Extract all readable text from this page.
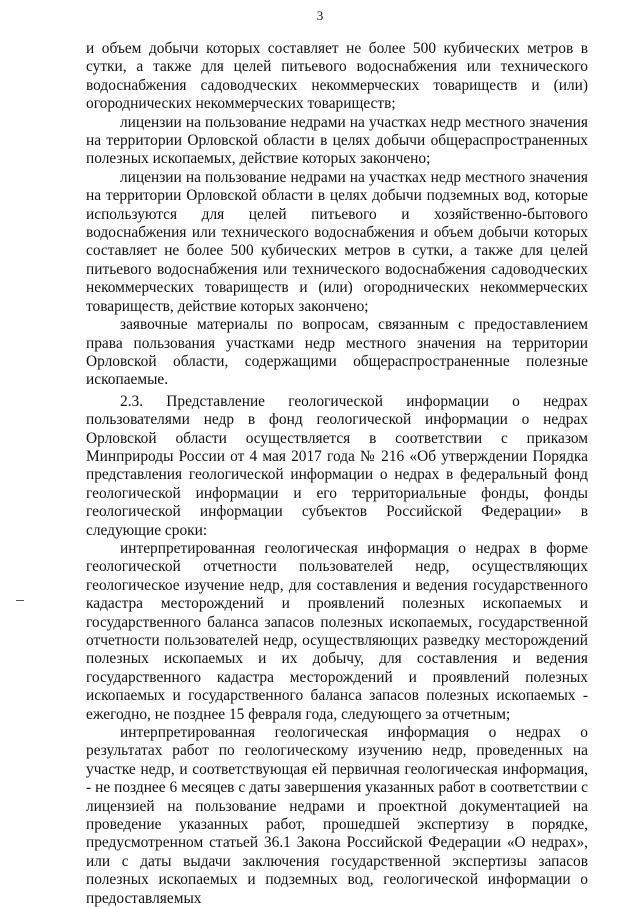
3

и объем добычи которых составляет не более 500 кубических метров в сутки, а также для целей питьевого водоснабжения или технического водоснабжения садоводческих некоммерческих товариществ и (или) огороднических некоммерческих товариществ;

лицензии на пользование недрами на участках недр местного значения на территории Орловской области в целях добычи общераспространенных полезных ископаемых, действие которых закончено;

лицензии на пользование недрами на участках недр местного значения на территории Орловской области в целях добычи подземных вод, которые используются для целей питьевого и хозяйственно-бытового водоснабжения или технического водоснабжения и объем добычи которых составляет не более 500 кубических метров в сутки, а также для целей питьевого водоснабжения или технического водоснабжения садоводческих некоммерческих товариществ и (или) огороднических некоммерческих товариществ, действие которых закончено;

заявочные материалы по вопросам, связанным с предоставлением права пользования участками недр местного значения на территории Орловской области, содержащими общераспространенные полезные ископаемые.

2.3. Представление геологической информации о недрах пользователями недр в фонд геологической информации о недрах Орловской области осуществляется в соответствии с приказом Минприроды России от 4 мая 2017 года № 216 «Об утверждении Порядка представления геологической информации о недрах в федеральный фонд геологической информации и его территориальные фонды, фонды геологической информации субъектов Российской Федерации» в следующие сроки:

интерпретированная геологическая информация о недрах в форме геологической отчетности пользователей недр, осуществляющих геологическое изучение недр, для составления и ведения государственного кадастра месторождений и проявлений полезных ископаемых и государственного баланса запасов полезных ископаемых, государственной отчетности пользователей недр, осуществляющих разведку месторождений полезных ископаемых и их добычу, для составления и ведения государственного кадастра месторождений и проявлений полезных ископаемых и государственного баланса запасов полезных ископаемых - ежегодно, не позднее 15 февраля года, следующего за отчетным;

интерпретированная геологическая информация о недрах о результатах работ по геологическому изучению недр, проведенных на участке недр, и соответствующая ей первичная геологическая информация, - не позднее 6 месяцев с даты завершения указанных работ в соответствии с лицензией на пользование недрами и проектной документацией на проведение указанных работ, прошедшей экспертизу в порядке, предусмотренном статьей 36.1 Закона Российской Федерации «О недрах», или с даты выдачи заключения государственной экспертизы запасов полезных ископаемых и подземных вод, геологической информации о предоставляемых
